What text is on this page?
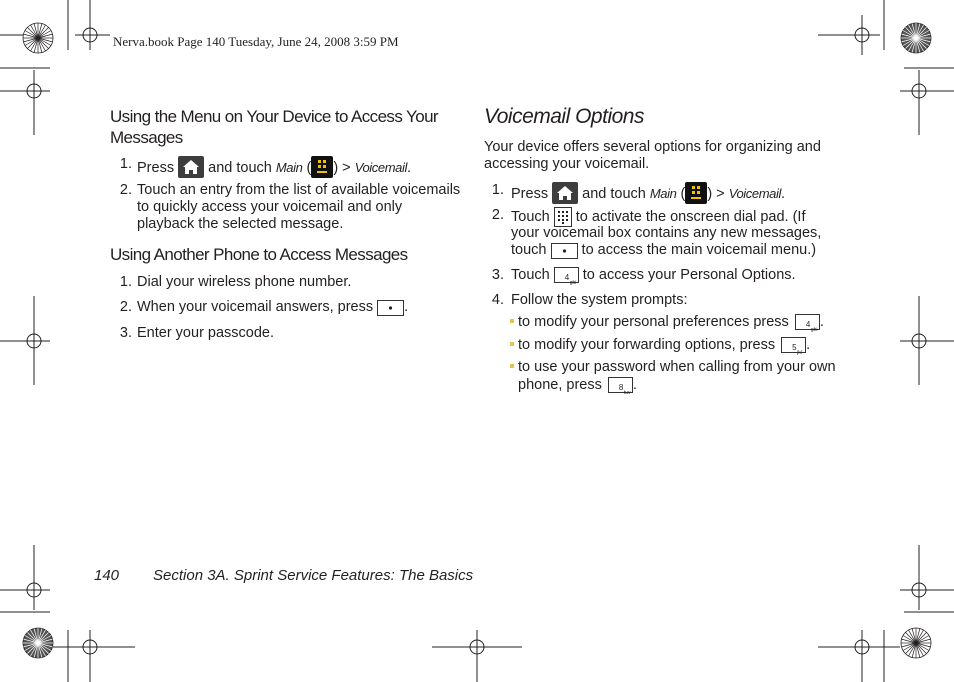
Nerva.book Page 140 Tuesday, June 24, 2008 3:59 PM
Using the Menu on Your Device to Access Your Messages
1. Press and touch Main ( ) > Voicemail.
2. Touch an entry from the list of available voicemails
to quickly access your voicemail and only
playback the selected message.
Using Another Phone to Access Messages
1. Dial your wireless phone number.
2. When your voicemail answers, press .
3. Enter your passcode.
Voicemail Options
Your device offers several options for organizing and
accessing your voicemail.
1. Press and touch Main ( ) > Voicemail.
2. Touch to activate the onscreen dial pad. (If
your voicemail box contains any new messages,
touch to access the main voicemail menu.)
3. Touch 4
ghi to access your Personal Options.
4. Follow the system prompts:
to modify your personal preferences press 4
ghi .
to modify your forwarding options, press 5
jkl .
to use your password when calling from your own
phone, press 8
tuv .
140 Section 3A. Sprint Service Features: The Basics
